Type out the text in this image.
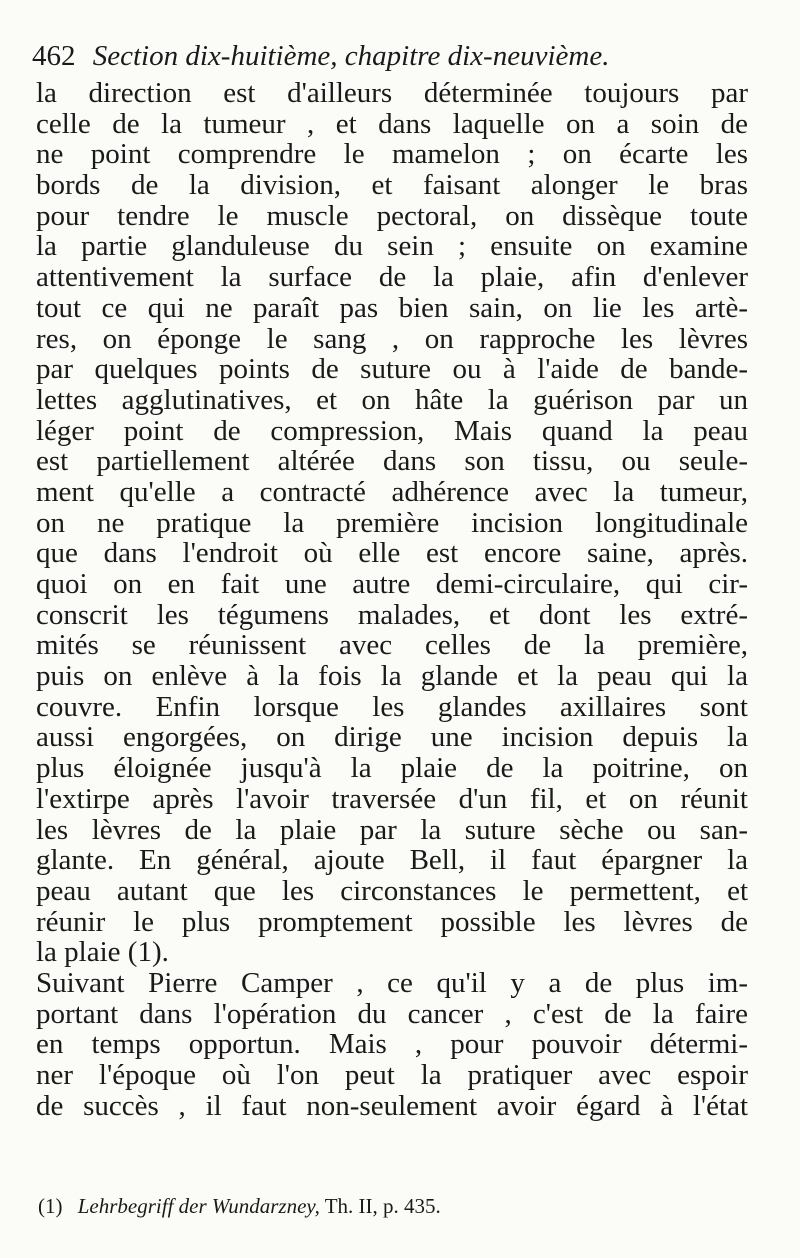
462 Section dix-huitième, chapitre dix-neuvième.
la direction est d'ailleurs déterminée toujours par
celle de la tumeur , et dans laquelle on a soin de
ne point comprendre le mamelon ; on écarte les
bords de la division, et faisant alonger le bras
pour tendre le muscle pectoral, on dissèque toute
la partie glanduleuse du sein ; ensuite on examine
attentivement la surface de la plaie, afin d'enlever
tout ce qui ne paraît pas bien sain, on lie les artè-
res, on éponge le sang , on rapproche les lèvres
par quelques points de suture ou à l'aide de bande-
lettes agglutinatives, et on hâte la guérison par un
léger point de compression, Mais quand la peau
est partiellement altérée dans son tissu, ou seule-
ment qu'elle a contracté adhérence avec la tumeur,
on ne pratique la première incision longitudinale
que dans l'endroit où elle est encore saine, après.
quoi on en fait une autre demi-circulaire, qui cir-
conscrit les tégumens malades, et dont les extré-
mités se réunissent avec celles de la première,
puis on enlève à la fois la glande et la peau qui la
couvre. Enfin lorsque les glandes axillaires sont
aussi engorgées, on dirige une incision depuis la
plus éloignée jusqu'à la plaie de la poitrine, on
l'extirpe après l'avoir traversée d'un fil, et on réunit
les lèvres de la plaie par la suture sèche ou san-
glante. En général, ajoute Bell, il faut épargner la
peau autant que les circonstances le permettent, et
réunir le plus promptement possible les lèvres de
la plaie (1).
Suivant Pierre Camper , ce qu'il y a de plus im-
portant dans l'opération du cancer , c'est de la faire
en temps opportun. Mais , pour pouvoir détermi-
ner l'époque où l'on peut la pratiquer avec espoir
de succès , il faut non-seulement avoir égard à l'état
(1) Lehrbegriff der Wundarzney, Th. II, p. 435.
